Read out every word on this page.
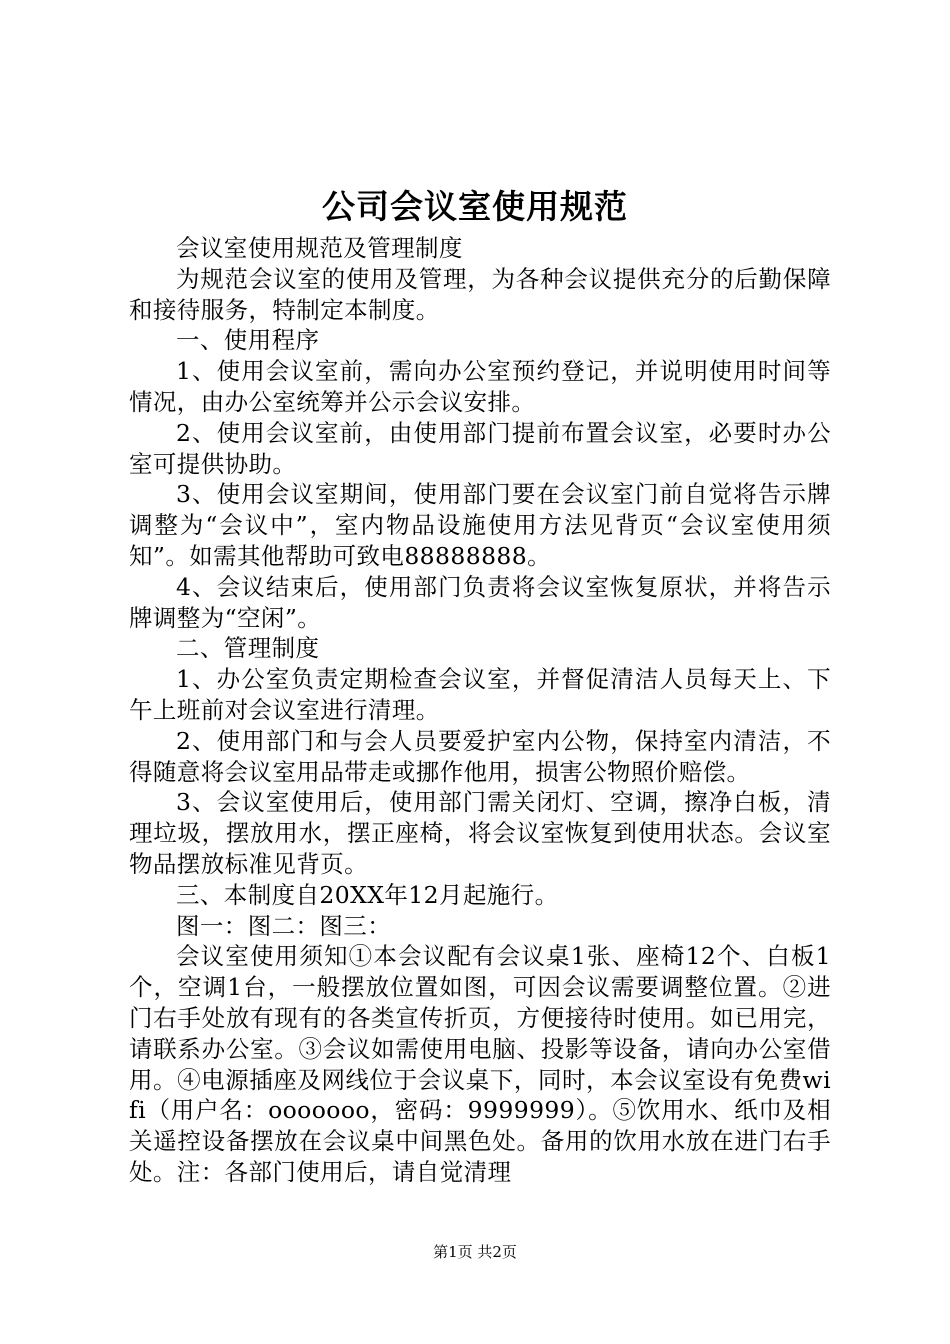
公司会议室使用规范

会议室使用规范及管理制度

为规范会议室的使用及管理，为各种会议提供充分的后勤保障和接待服务，特制定本制度。

一、使用程序

1、使用会议室前，需向办公室预约登记，并说明使用时间等情况，由办公室统筹并公示会议安排。

2、使用会议室前，由使用部门提前布置会议室，必要时办公室可提供协助。

3、使用会议室期间，使用部门要在会议室门前自觉将告示牌调整为“会议中”，室内物品设施使用方法见背页“会议室使用须知”。如需其他帮助可致电88888888。

4、会议结束后，使用部门负责将会议室恢复原状，并将告示牌调整为“空闲”。

二、管理制度

1、办公室负责定期检查会议室，并督促清洁人员每天上、下午上班前对会议室进行清理。

2、使用部门和与会人员要爱护室内公物，保持室内清洁，不得随意将会议室用品带走或挪作他用，损害公物照价赔偿。

3、会议室使用后，使用部门需关闭灯、空调，擦净白板，清理垃圾，摆放用水，摆正座椅，将会议室恢复到使用状态。会议室物品摆放标准见背页。

三、本制度自20XX年12月起施行。

图一：图二：图三：

会议室使用须知①本会议配有会议桌1张、座椅12个、白板1个，空调1台，一般摆放位置如图，可因会议需要调整位置。②进门右手处放有现有的各类宣传折页，方便接待时使用。如已用完，请联系办公室。③会议如需使用电脑、投影等设备，请向办公室借用。④电源插座及网线位于会议桌下，同时，本会议室设有免费wifi（用户名：ooooooo，密码：9999999）。⑤饮用水、纸巾及相关遥控设备摆放在会议桌中间黑色处。备用的饮用水放在进门右手处。注：各部门使用后，请自觉清理

第1页 共2页
